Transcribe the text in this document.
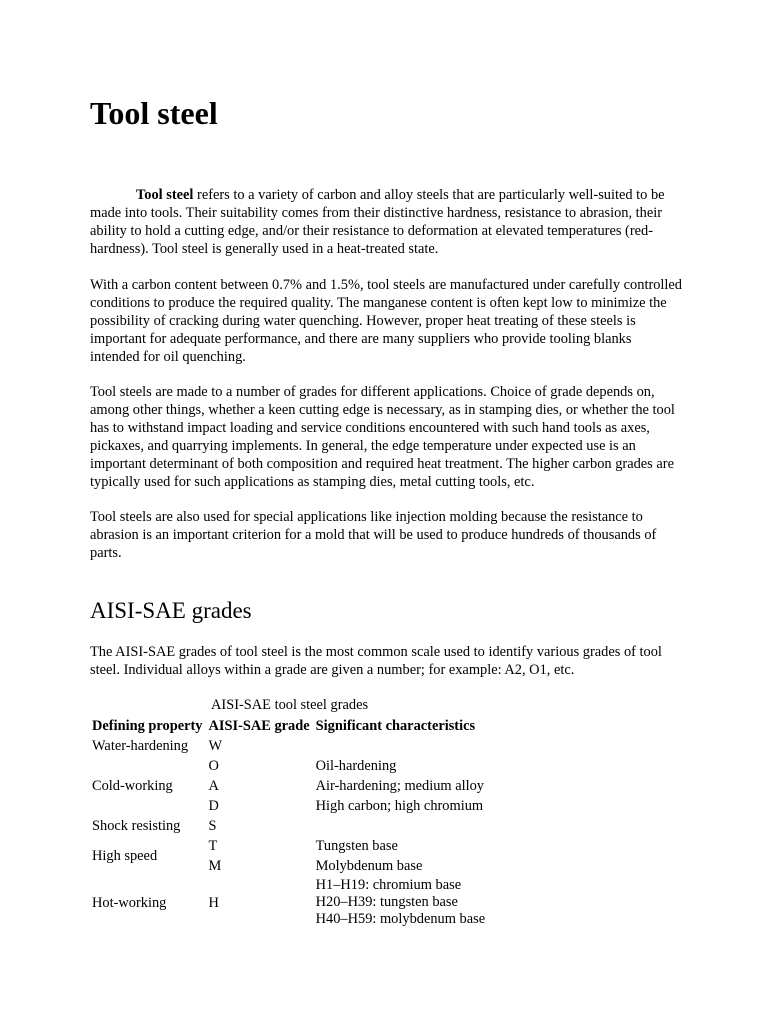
Tool steel

Tool steel refers to a variety of carbon and alloy steels that are particularly well-suited to be made into tools. Their suitability comes from their distinctive hardness, resistance to abrasion, their ability to hold a cutting edge, and/or their resistance to deformation at elevated temperatures (red-hardness). Tool steel is generally used in a heat-treated state.

With a carbon content between 0.7% and 1.5%, tool steels are manufactured under carefully controlled conditions to produce the required quality. The manganese content is often kept low to minimize the possibility of cracking during water quenching. However, proper heat treating of these steels is important for adequate performance, and there are many suppliers who provide tooling blanks intended for oil quenching.

Tool steels are made to a number of grades for different applications. Choice of grade depends on, among other things, whether a keen cutting edge is necessary, as in stamping dies, or whether the tool has to withstand impact loading and service conditions encountered with such hand tools as axes, pickaxes, and quarrying implements. In general, the edge temperature under expected use is an important determinant of both composition and required heat treatment. The higher carbon grades are typically used for such applications as stamping dies, metal cutting tools, etc.

Tool steels are also used for special applications like injection molding because the resistance to abrasion is an important criterion for a mold that will be used to produce hundreds of thousands of parts.

AISI-SAE grades

The AISI-SAE grades of tool steel is the most common scale used to identify various grades of tool steel. Individual alloys within a grade are given a number; for example: A2, O1, etc.

AISI-SAE tool steel grades
Defining property	AISI-SAE grade	Significant characteristics
Water-hardening	W	
	O	Oil-hardening
Cold-working	A	Air-hardening; medium alloy
	D	High carbon; high chromium
Shock resisting	S	
High speed	T	Tungsten base
	M	Molybdenum base
Hot-working	H	H1–H19: chromium base
H20–H39: tungsten base
H40–H59: molybdenum base
